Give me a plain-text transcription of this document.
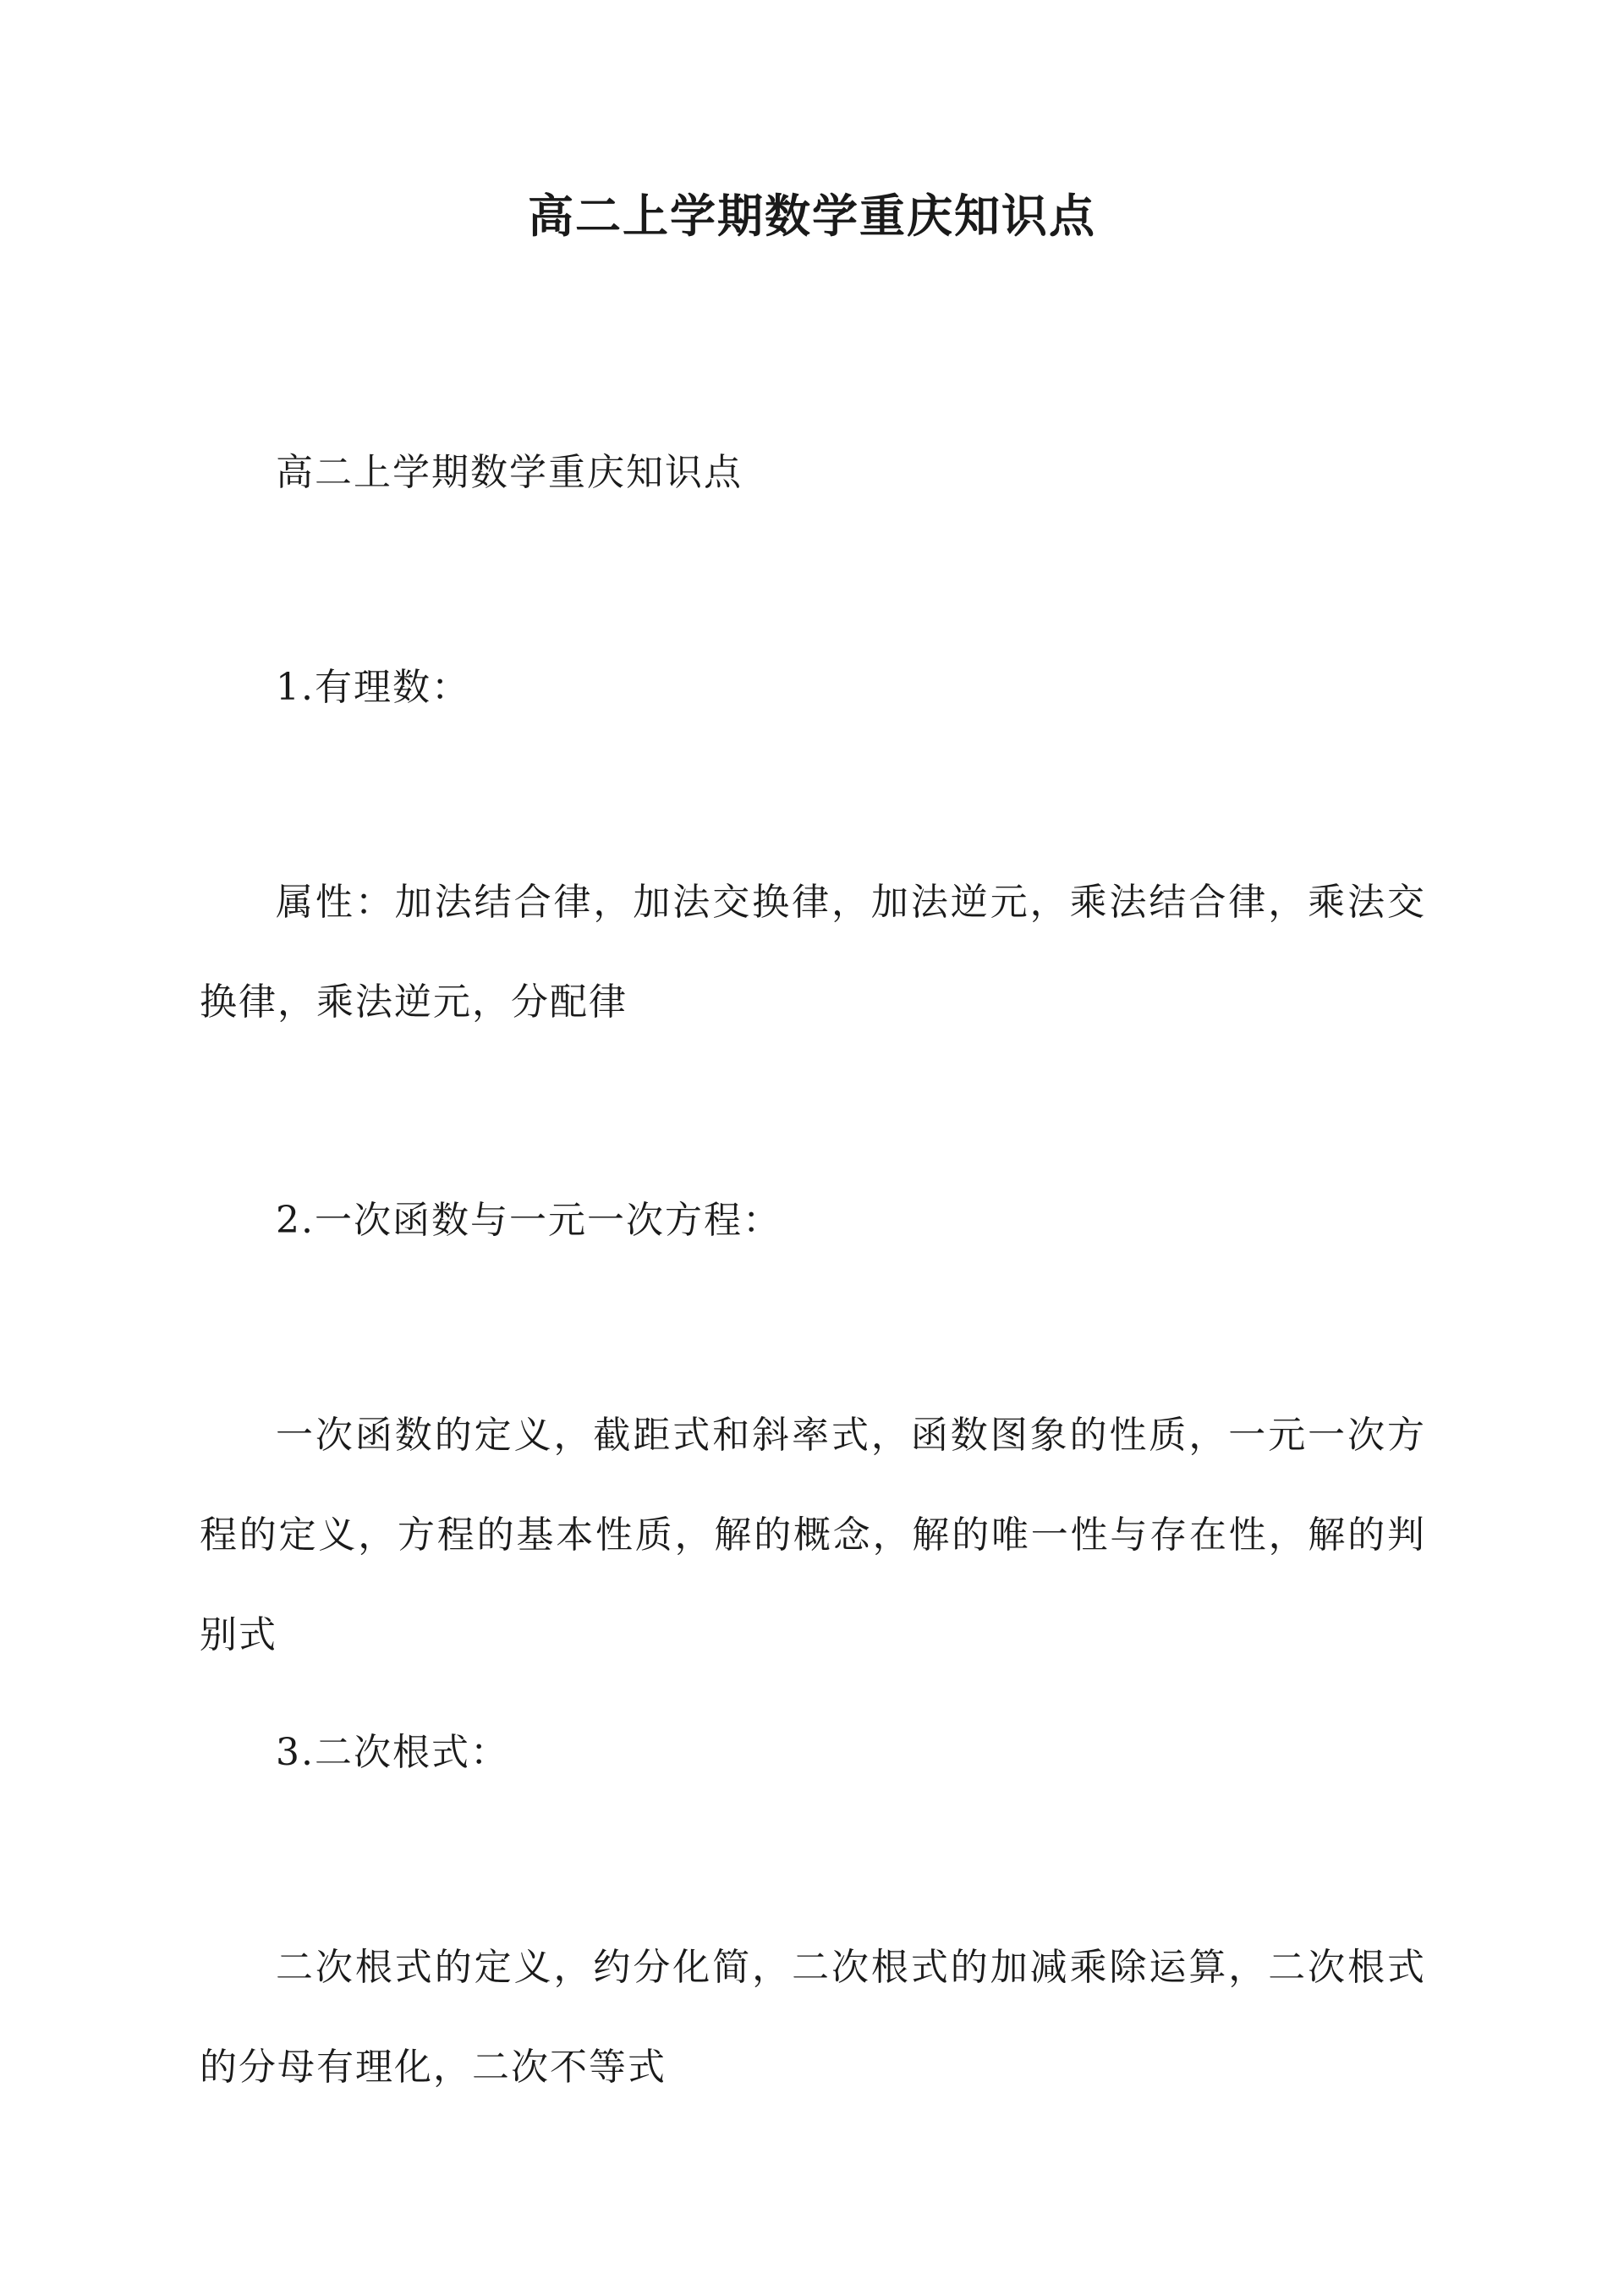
高二上学期数学重庆知识点

高二上学期数学重庆知识点

1.有理数：

属性：加法结合律，加法交换律，加法逆元，乘法结合律，乘法交换律，乘法逆元，分配律

2.一次函数与一元一次方程：

一次函数的定义，截距式和斜率式，函数图象的性质，一元一次方程的定义，方程的基本性质，解的概念，解的唯一性与存在性，解的判别式

3.二次根式：

二次根式的定义，约分化简，二次根式的加减乘除运算，二次根式的分母有理化，二次不等式
